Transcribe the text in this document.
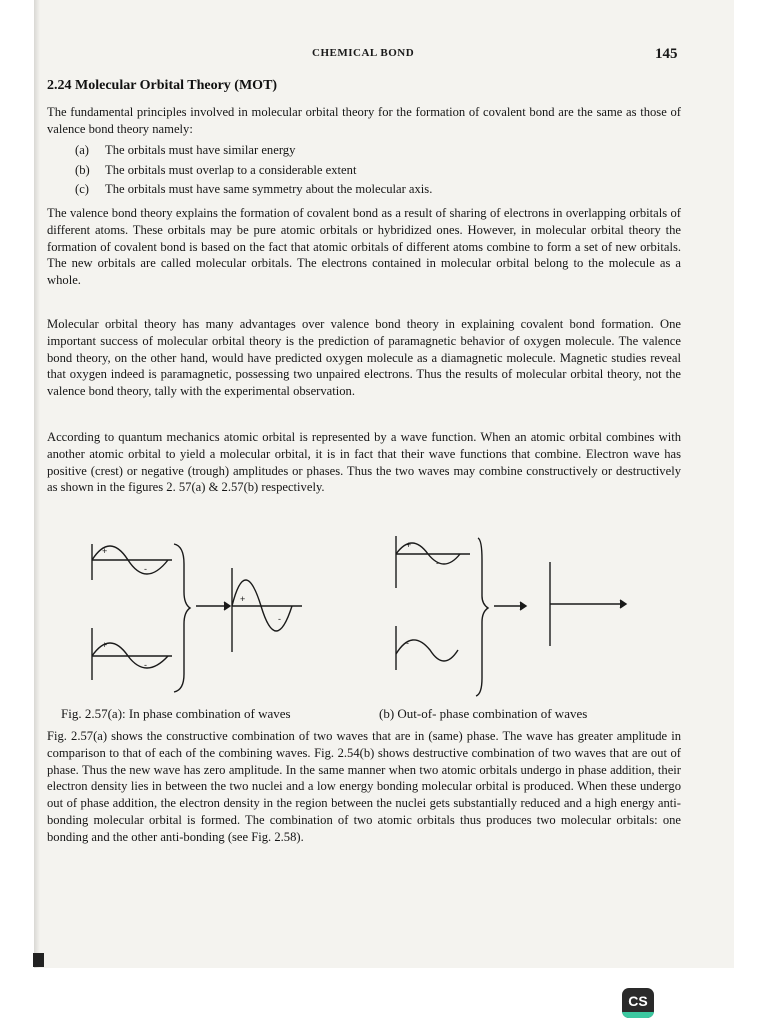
CHEMICAL BOND	145
2.24 Molecular Orbital Theory (MOT)

The fundamental principles involved in molecular orbital theory for the formation of covalent bond are the same as those of valence bond theory namely:

(a) The orbitals must have similar energy
(b) The orbitals must overlap to a considerable extent
(c) The orbitals must have same symmetry about the molecular axis.

The valence bond theory explains the formation of covalent bond as a result of sharing of electrons in overlapping orbitals of different atoms. These orbitals may be pure atomic orbitals or hybridized ones. However, in molecular orbital theory the formation of covalent bond is based on the fact that atomic orbitals of different atoms combine to form a set of new orbitals. The new orbitals are called molecular orbitals. The electrons contained in molecular orbital belong to the molecule as a whole.

Molecular orbital theory has many advantages over valence bond theory in explaining covalent bond formation. One important success of molecular orbital theory is the prediction of paramagnetic behavior of oxygen molecule. The valence bond theory, on the other hand, would have predicted oxygen molecule as a diamagnetic molecule. Magnetic studies reveal that oxygen indeed is paramagnetic, possessing two unpaired electrons. Thus the results of molecular orbital theory, not the valence bond theory, tally with the experimental observation.

According to quantum mechanics atomic orbital is represented by a wave function. When an atomic orbital combines with another atomic orbital to yield a molecular orbital, it is in fact that their wave functions that combine. Electron wave has positive (crest) or negative (trough) amplitudes or phases. Thus the two waves may combine constructively or destructively as shown in the figures 2. 57(a) & 2.57(b) respectively.

+
-
+
-
+
-
+
-
-
Fig. 2.57(a): In phase combination of waves	(b) Out-of- phase combination of waves

Fig. 2.57(a) shows the constructive combination of two waves that are in (same) phase. The wave has greater amplitude in comparison to that of each of the combining waves. Fig. 2.54(b) shows destructive combination of two waves that are out of phase. Thus the new wave has zero amplitude. In the same manner when two atomic orbitals undergo in phase addition, their electron density lies in between the two nuclei and a low energy bonding molecular orbital is produced. When these undergo out of phase addition, the electron density in the region between the nuclei gets substantially reduced and a high energy anti-bonding molecular orbital is formed. The combination of two atomic orbitals thus produces two molecular orbitals: one bonding and the other anti-bonding (see Fig. 2.58).

CS
